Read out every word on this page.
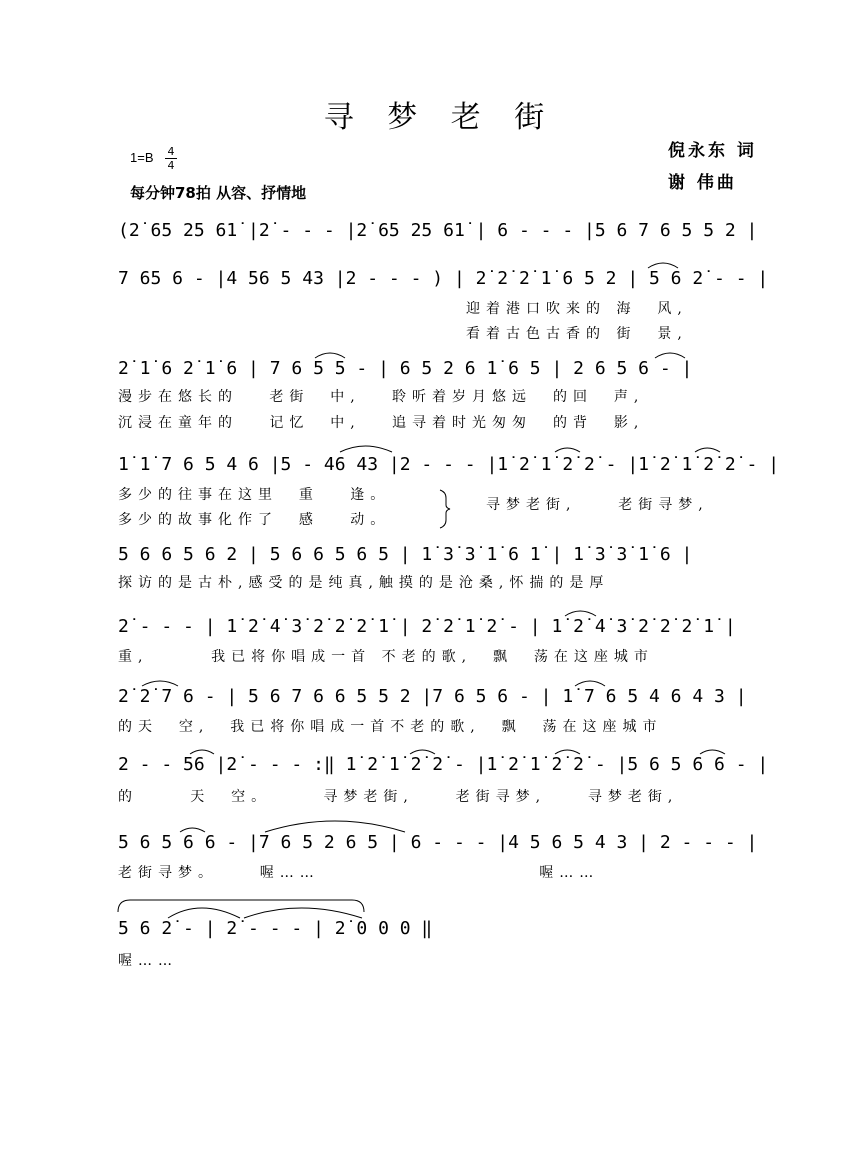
寻 梦 老 街
倪永东 词
谢 伟曲
1=B 4
4
每分钟78拍 从容、抒情地
(2̇ 65 25 61̇ |2̇ - - - |2̇ 65 25 61̇ | 6 - - - |5 6 7 6 5 5 2 |
7 65 6 - |4 56 5 43 |2 - - - ) | 2̇ 2̇ 2̇ 1̇ 6 5 2 | 5 6 2̇ - - |
迎着港口吹来的 海  风,
看着古色古香的 街  景,
2̇ 1̇ 6 2̇ 1̇ 6 | 7 6 5 5 - | 6 5 2 6 1̇ 6 5 | 2 6 5 6 - |
漫步在悠长的   老街  中,   聆听着岁月悠远  的回  声,
沉浸在童年的   记忆  中,   追寻着时光匆匆  的背  影,
1̇ 1̇ 7 6 5 4 6 |5 - 46 43 |2 - - - |1̇ 2̇ 1̇ 2̇ 2̇ - |1̇ 2̇ 1̇ 2̇ 2̇ - |
多少的往事在这里  重   逢。
多少的故事化作了  感   动。
寻梦老街,    老街寻梦,
5 6 6 5 6 2 | 5 6 6 5 6 5 | 1̇ 3̇ 3̇ 1̇ 6 1̇ | 1̇ 3̇ 3̇ 1̇ 6 |
探访的是古朴,感受的是纯真,触摸的是沧桑,怀揣的是厚
2̇ - - - | 1̇ 2̇ 4̇ 3̇ 2̇ 2̇ 2̇ 1̇ | 2̇ 2̇ 1̇ 2̇ - | 1̇ 2̇ 4̇ 3̇ 2̇ 2̇ 2̇ 1̇ |
重,      我已将你唱成一首 不老的歌,  飘  荡在这座城市
2̇ 2̇ 7 6 - | 5 6 7 6 6 5 5 2 |7 6 5 6 - | 1̇ 7 6 5 4 6 4 3 |
的天  空,  我已将你唱成一首不老的歌,  飘  荡在这座城市
2 - - 56 |2̇ - - - :‖ 1̇ 2̇ 1̇ 2̇ 2̇ - |1̇ 2̇ 1̇ 2̇ 2̇ - |5 6 5 6 6 - |
的     天  空。     寻梦老街,    老街寻梦,    寻梦老街,
5 6 5 6 6 - |7 6 5 2 6 5 | 6 - - - |4 5 6 5 4 3 | 2 - - - |
老街寻梦。    喔……                     喔……
5 6 2̇ - | 2̇ - - - | 2̇ 0 0 0 ‖
喔……
